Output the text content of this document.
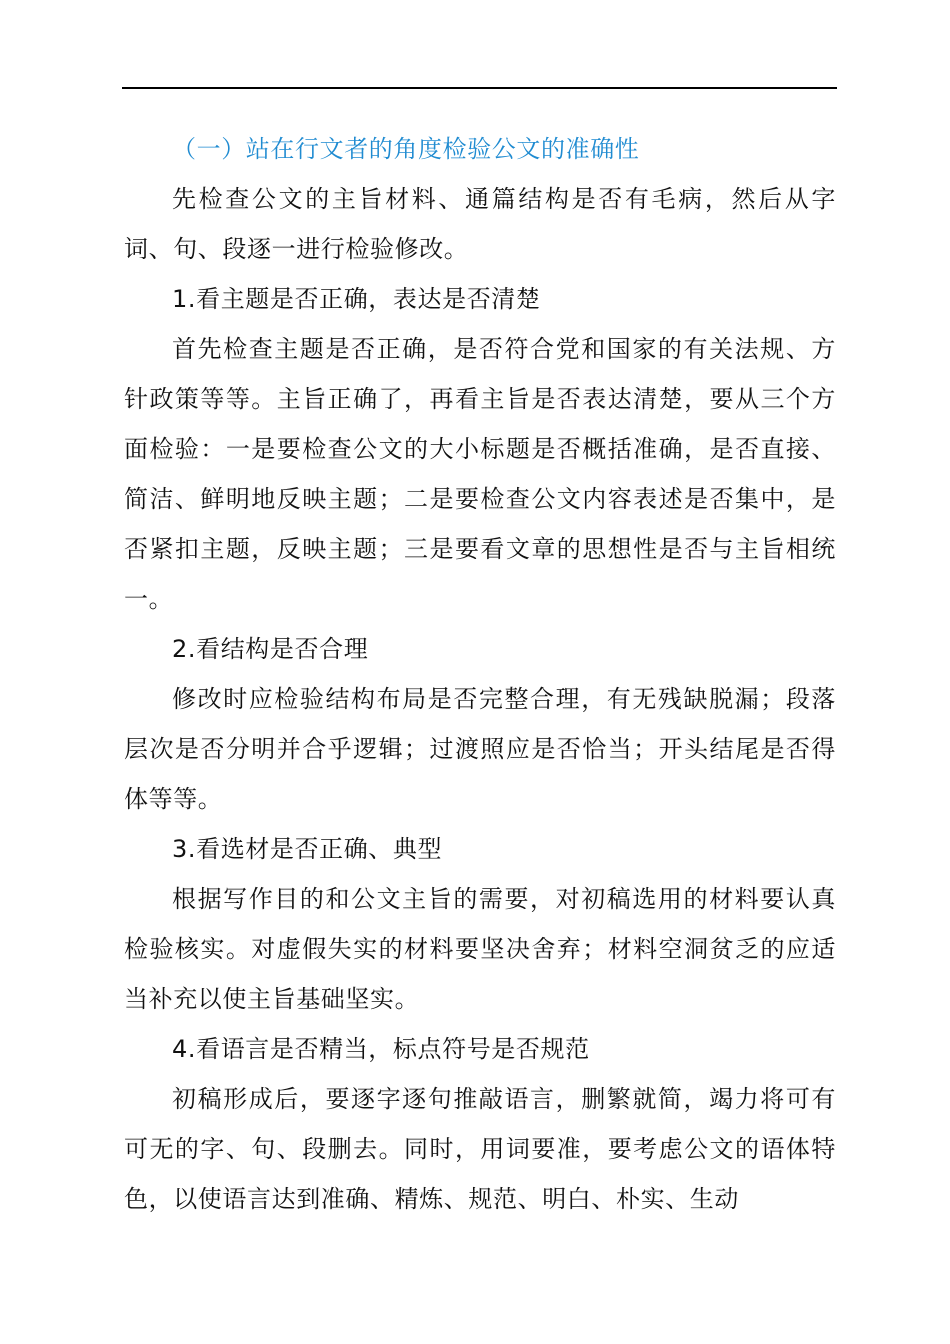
（一）站在行文者的角度检验公文的准确性

先检查公文的主旨材料、通篇结构是否有毛病，然后从字词、句、段逐一进行检验修改。

1.看主题是否正确，表达是否清楚

首先检查主题是否正确，是否符合党和国家的有关法规、方针政策等等。主旨正确了，再看主旨是否表达清楚，要从三个方面检验：一是要检查公文的大小标题是否概括准确，是否直接、简洁、鲜明地反映主题；二是要检查公文内容表述是否集中，是否紧扣主题，反映主题；三是要看文章的思想性是否与主旨相统一。

2.看结构是否合理

修改时应检验结构布局是否完整合理，有无残缺脱漏；段落层次是否分明并合乎逻辑；过渡照应是否恰当；开头结尾是否得体等等。

3.看选材是否正确、典型

根据写作目的和公文主旨的需要，对初稿选用的材料要认真检验核实。对虚假失实的材料要坚决舍弃；材料空洞贫乏的应适当补充以使主旨基础坚实。

4.看语言是否精当，标点符号是否规范

初稿形成后，要逐字逐句推敲语言，删繁就简，竭力将可有可无的字、句、段删去。同时，用词要准，要考虑公文的语体特色，以使语言达到准确、精炼、规范、明白、朴实、生动
